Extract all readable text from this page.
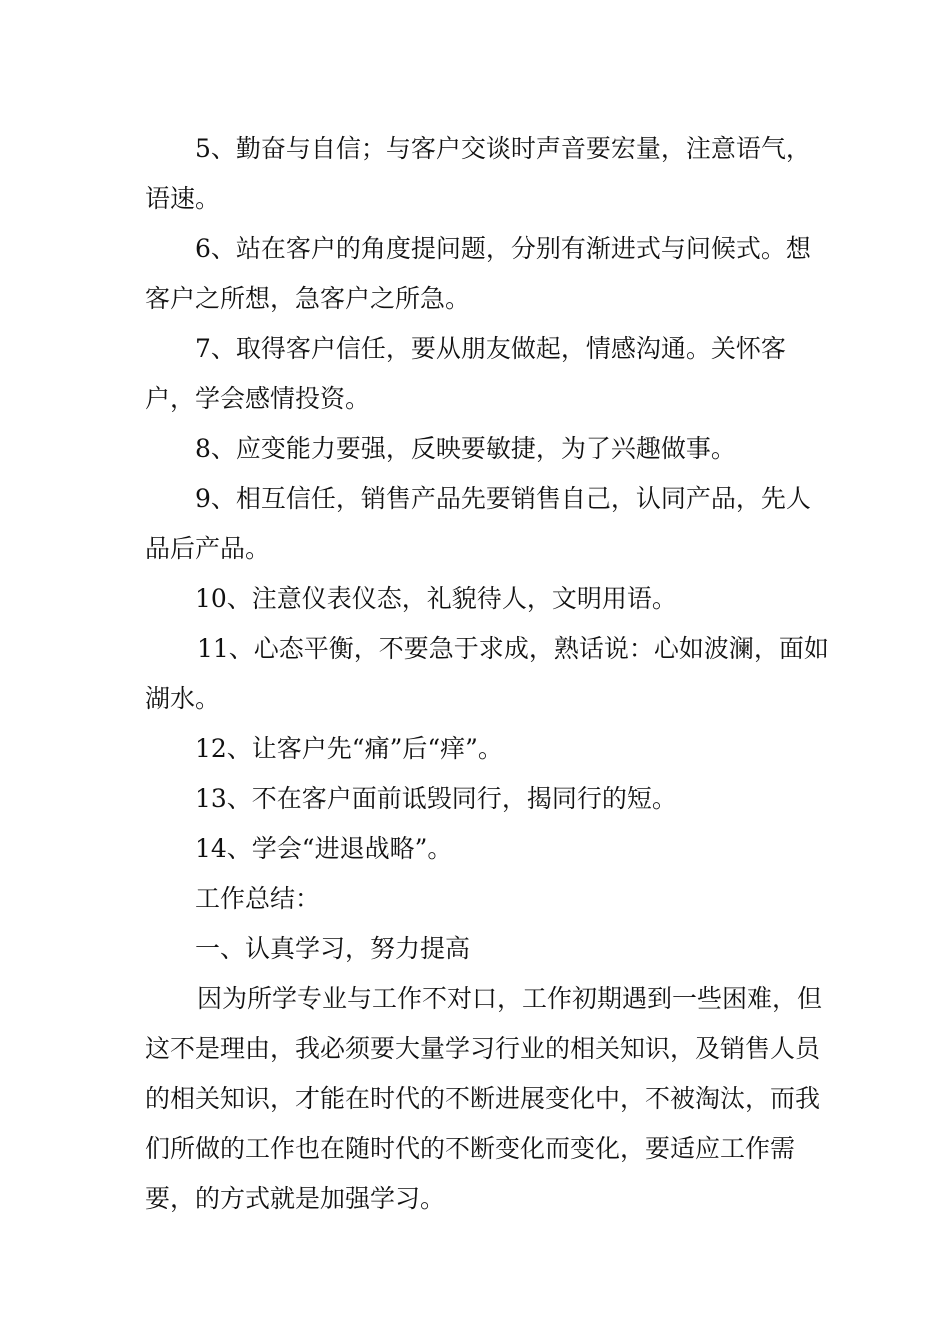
5、勤奋与自信；与客户交谈时声音要宏量，注意语气，语速。

6、站在客户的角度提问题，分别有渐进式与问候式。想客户之所想，急客户之所急。

7、取得客户信任，要从朋友做起，情感沟通。关怀客户，学会感情投资。

8、应变能力要强，反映要敏捷，为了兴趣做事。

9、相互信任，销售产品先要销售自己，认同产品，先人品后产品。

10、注意仪表仪态，礼貌待人，文明用语。

11、心态平衡，不要急于求成，熟话说：心如波澜，面如湖水。

12、让客户先“痛”后“痒”。

13、不在客户面前诋毁同行，揭同行的短。

14、学会“进退战略”。

工作总结：

一、认真学习，努力提高

因为所学专业与工作不对口，工作初期遇到一些困难，但这不是理由，我必须要大量学习行业的相关知识，及销售人员的相关知识，才能在时代的不断进展变化中，不被淘汰，而我们所做的工作也在随时代的不断变化而变化，要适应工作需要，的方式就是加强学习。
